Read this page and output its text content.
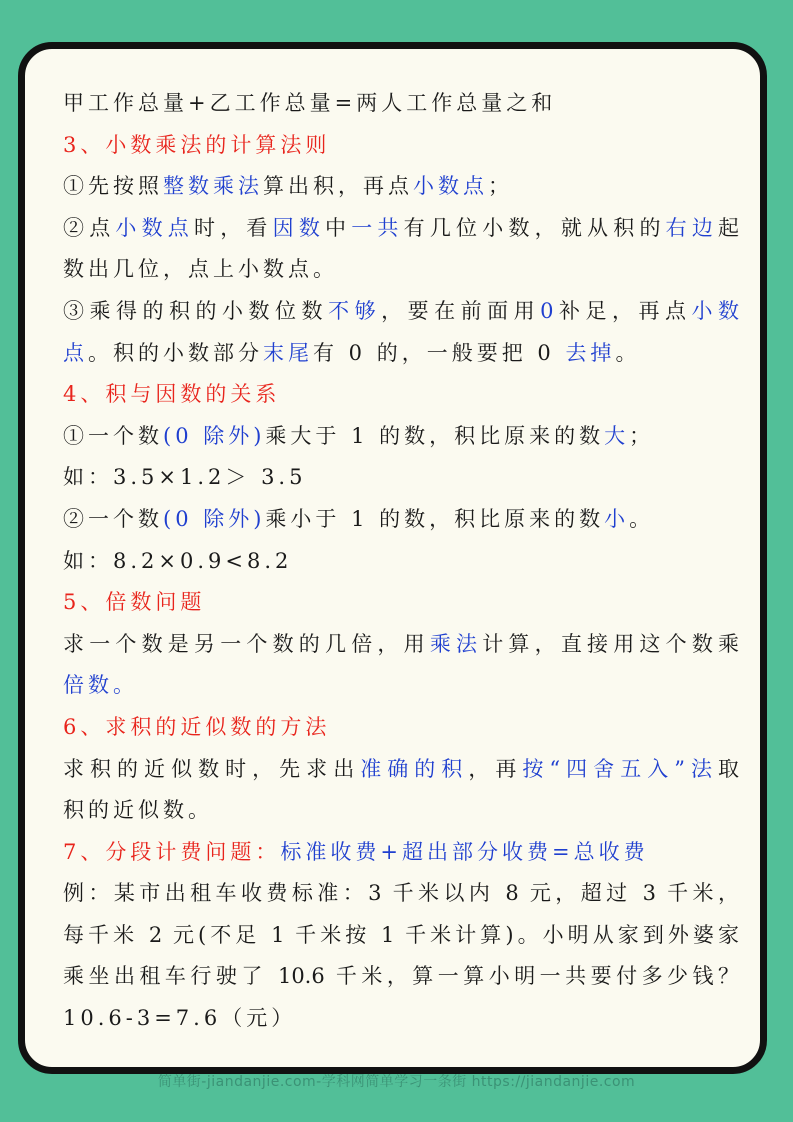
甲工作总量+乙工作总量=两人工作总量之和
3、小数乘法的计算法则
①先按照整数乘法算出积，再点小数点；
②点小数点时，看因数中一共有几位小数，就从积的右边起
数出几位，点上小数点。
③乘得的积的小数位数不够，要在前面用0补足，再点小数
点。积的小数部分末尾有 0 的，一般要把 0 去掉。
4、积与因数的关系
①一个数(0 除外)乘大于 1 的数，积比原来的数大；
如：3.5×1.2＞ 3.5
②一个数(0 除外)乘小于 1 的数，积比原来的数小。
如：8.2×0.9<8.2
5、倍数问题
求一个数是另一个数的几倍，用乘法计算，直接用这个数乘
倍数。
6、求积的近似数的方法
求积的近似数时，先求出准确的积，再按“四舍五入”法取
积的近似数。
7、分段计费问题：标准收费+超出部分收费=总收费
例：某市出租车收费标准：3 千米以内 8 元，超过 3 千米，
每千米 2 元(不足 1 千米按 1 千米计算)。小明从家到外婆家
乘坐出租车行驶了 10.6 千米，算一算小明一共要付多少钱？
10.6-3=7.6（元）
简单街-jiandanjie.com-学科网简单学习一条街 https://jiandanjie.com
